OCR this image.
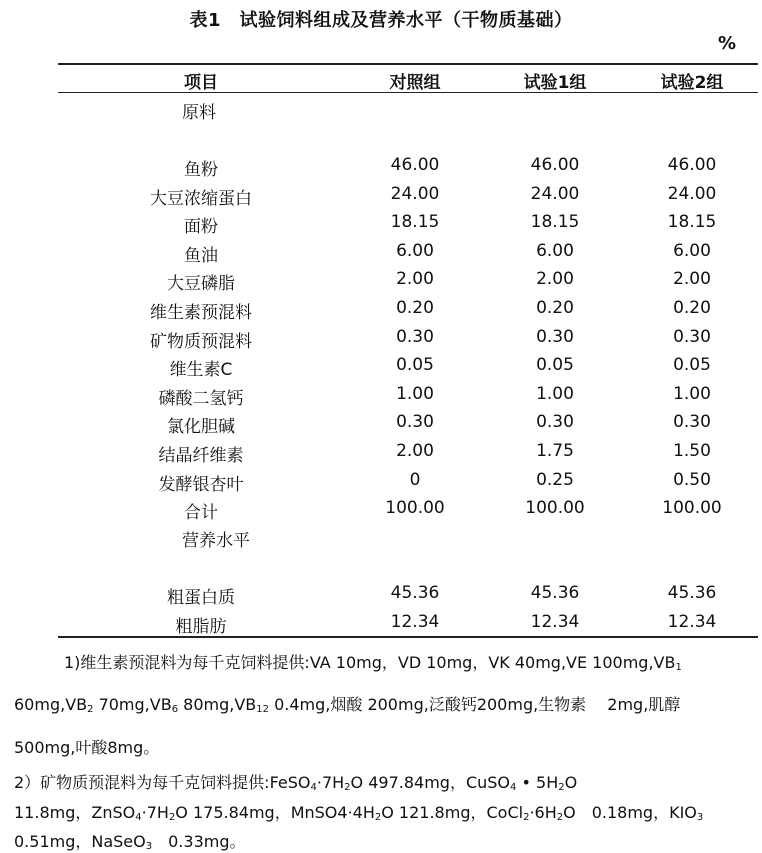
表1　试验饲料组成及营养水平（干物质基础）
%
项目	对照组	试验1组	试验2组
原料
鱼粉	46.00	46.00	46.00
大豆浓缩蛋白	24.00	24.00	24.00
面粉	18.15	18.15	18.15
鱼油	6.00	6.00	6.00
大豆磷脂	2.00	2.00	2.00
维生素预混料	0.20	0.20	0.20
矿物质预混料	0.30	0.30	0.30
维生素C	0.05	0.05	0.05
磷酸二氢钙	1.00	1.00	1.00
氯化胆碱	0.30	0.30	0.30
结晶纤维素	2.00	1.75	1.50
发酵银杏叶	0	0.25	0.50
合计	100.00	100.00	100.00
营养水平
粗蛋白质	45.36	45.36	45.36
粗脂肪	12.34	12.34	12.34
1)维生素预混料为每千克饲料提供:VA 10mg，VD 10mg，VK 40mg,VE $100mg,VB_1$
$60mg,VB_2$ $70mg,VB_6$ $80mg,VB_{12}$ 0.4mg,烟酸 200mg,泛酸钙200mg,生物素　 2mg,肌醇
500mg,叶酸8mg。
2）矿物质预混料为每千克饲料提供$:FeSO_4\cdot 7H_2O$ 497.84mg，CuSO$_4$ • $5H_2O$
11.8mg，$ZnSO_4\cdot 7H_2O$ 175.84mg，$MnSO4\cdot 4H_2O$ 121.8mg，$CoCl_2\cdot 6H_2O$　0.18mg，$KIO_3$
0.51mg，NaSeO$_3$　0.33mg。
